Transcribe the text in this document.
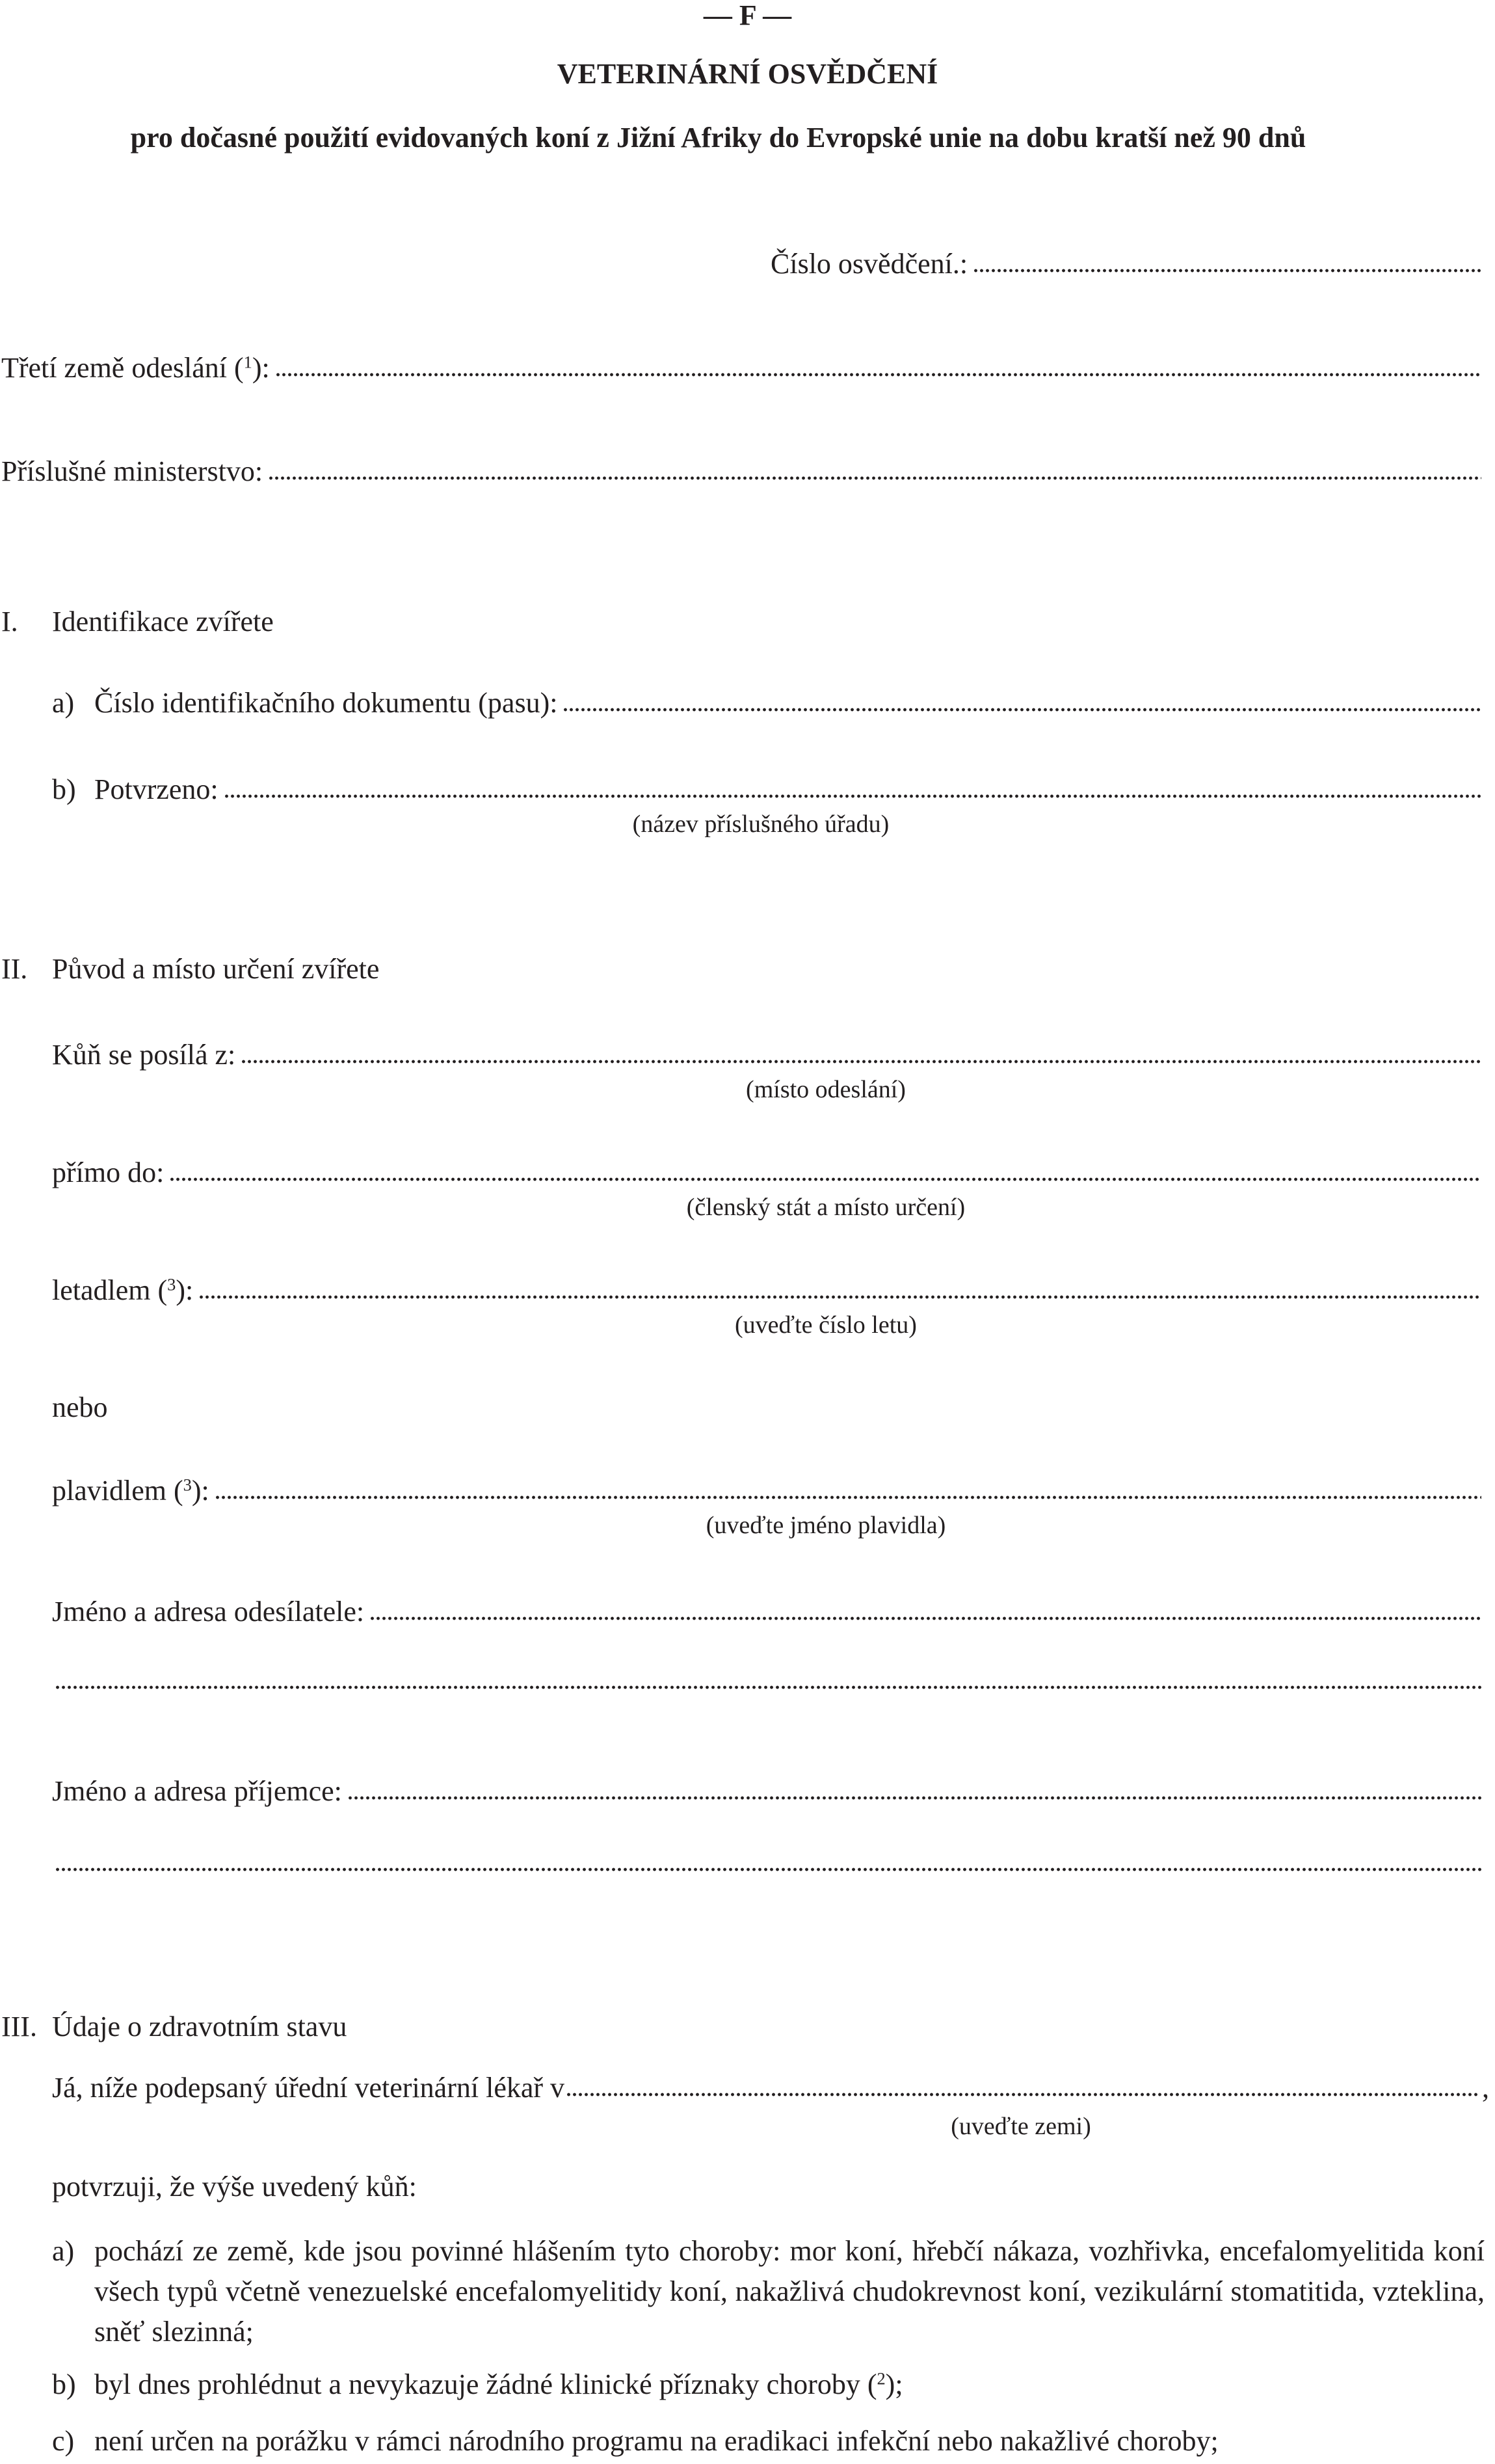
— F —
VETERINÁRNÍ OSVĚDČENÍ
pro dočasné použití evidovaných koní z Jižní Afriky do Evropské unie na dobu kratší než 90 dnů
Číslo osvědčení.:
Třetí země odeslání ($^1$):
Příslušné ministerstvo:
I. Identifikace zvířete
a) Číslo identifikačního dokumentu (pasu):
b) Potvrzeno:
(název příslušného úřadu)
II. Původ a místo určení zvířete
Kůň se posílá z:
(místo odeslání)
přímo do:
(členský stát a místo určení)
letadlem ($^3$):
(uveďte číslo letu)
nebo
plavidlem ($^3$):
(uveďte jméno plavidla)
Jméno a adresa odesílatele:
Jméno a adresa příjemce:
III. Údaje o zdravotním stavu
Já, níže podepsaný úřední veterinární lékař v	,
(uveďte zemi)
potvrzuji, že výše uvedený kůň:
a) pochází ze země, kde jsou povinné hlášením tyto choroby: mor koní, hřebčí nákaza, vozhřivka, encefalomyelitida koní všech typů včetně venezuelské encefalomyelitidy koní, nakažlivá chudokrevnost koní, vezikulární stomatitida, vzteklina, sněť slezinná;
b) byl dnes prohlédnut a nevykazuje žádné klinické příznaky choroby ($^2$);
c) není určen na porážku v rámci národního programu na eradikaci infekční nebo nakažlivé choroby;
